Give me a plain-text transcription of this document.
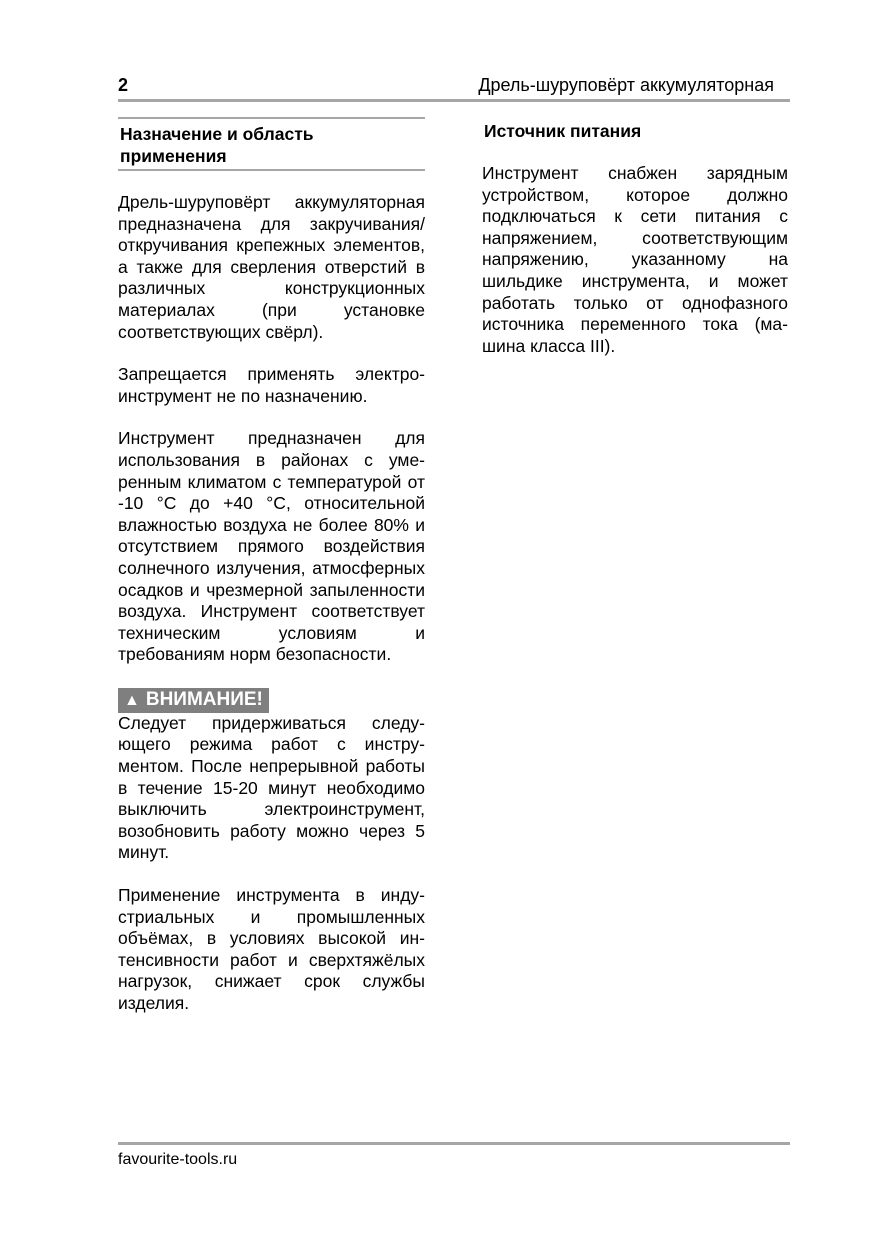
2	Дрель-шуруповёрт аккумуляторная
Назначение и область
применения

Дрель-шуруповёрт аккумуляторная предназначена для закручивания/откручивания крепежных элементов, а также для сверления отверстий в различных конструкционных материалах (при установке соответствующих свёрл).

Запрещается применять электроинструмент не по назначению.

Инструмент предназначен для использования в районах с умеренным климатом с температурой от -10 °C до +40 °C, относительной влажностью воздуха не более 80% и отсутствием прямого воздействия солнечного излучения, атмосферных осадков и чрезмерной запыленности воздуха. Инструмент соответствует техническим условиям и требованиям норм безопасности.

▲ ВНИМАНИЕ!

Следует придерживаться следующего режима работ с инструментом. После непрерывной работы в течение 15-20 минут необходимо выключить электроинструмент, возобновить работу можно через 5 минут.

Применение инструмента в индустриальных и промышленных объёмах, в условиях высокой интенсивности работ и сверхтяжёлых нагрузок, снижает срок службы изделия.

Источник питания

Инструмент снабжен зарядным устройством, которое должно подключаться к сети питания с напряжением, соответствующим напряжению, указанному на шильдике инструмента, и может работать только от однофазного источника переменного тока (машина класса III).

favourite-tools.ru
